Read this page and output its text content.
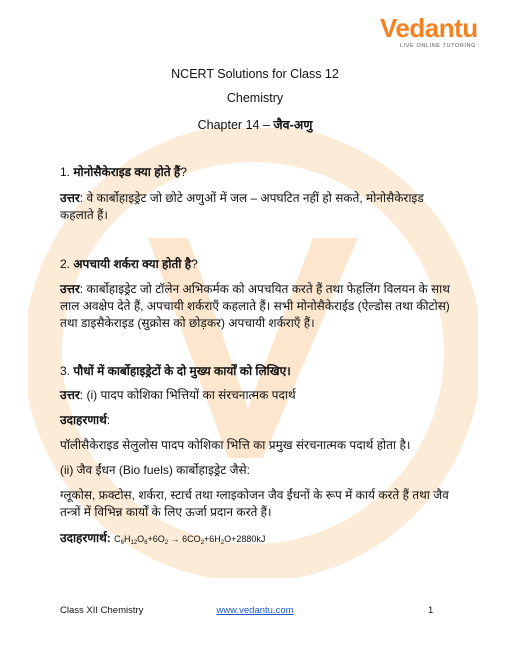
Vedantu
LIVE ONLINE TUTORING
NCERT Solutions for Class 12
Chemistry
Chapter 14 – जैव-अणु
1. मोनोसैकेराइड क्या होते हैं?
उत्तर: वे कार्बोहाइड्रेट जो छोटे अणुओं में जल – अपघटित नहीं हो सकते, मोनोसैकेराइड कहलाते हैं।
2. अपचायी शर्करा क्या होती है?
उत्तर: कार्बोहाइड्रेट जो टॉलेन अभिकर्मक को अपचयित करते हैं तथा फेहलिंग विलयन के साथ लाल अवक्षेप देते हैं, अपचायी शर्कराएँ कहलाते हैं। सभी मोनोसैकेराईड (ऐल्डोस तथा कीटोस) तथा डाइसैकेराइड (सुक्रोस को छोड़कर) अपचायी शर्कराएँ हैं।
3. पौधों में कार्बोहाइड्रेटों के दो मुख्य कार्यों को लिखिए।
उत्तर: (i) पादप कोशिका भित्तियों का संरचनात्मक पदार्थ
उदाहरणार्थ:
पॉलीसैकेराइड सेलुलोस पादप कोशिका भित्ति का प्रमुख संरचनात्मक पदार्थ होता है।
(ii) जैव ईंधन (Bio fuels) कार्बोहाइड्रेट जैसे:
ग्लूकोस, फ्रक्टोस, शर्करा, स्टार्च तथा ग्लाइकोजन जैव ईंधनों के रूप में कार्य करते हैं तथा जैव तन्त्रों में विभिन्न कार्यों के लिए ऊर्जा प्रदान करते हैं।
उदाहरणार्थ: $C_6H_{12}O_6+6O_2 \to 6CO_2+6H_2O+2880kJ$
Class XII Chemistry	www.vedantu.com	1
